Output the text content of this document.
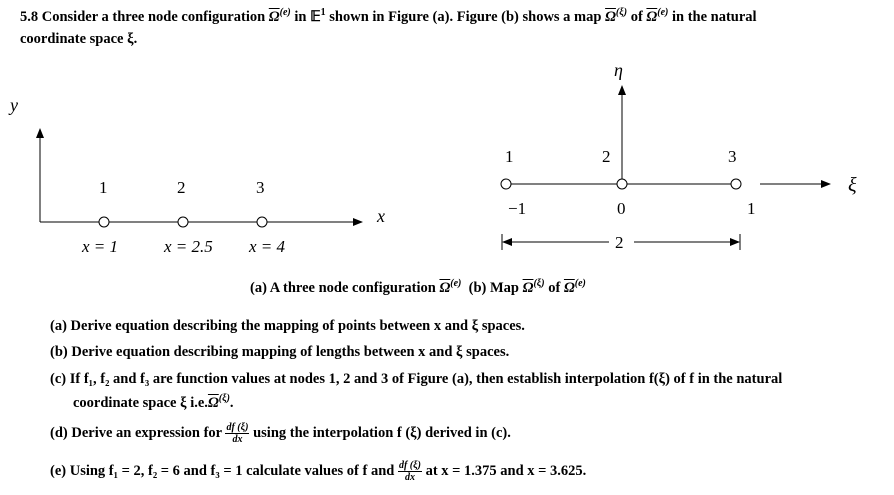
5.8 Consider a three node configuration $\overline{\Omega}^{(e)}$ in 𝔼$^1$ shown in Figure (a). Figure (b) shows a map $\overline{\Omega}^{(\xi)}$ of $\overline{\Omega}^{(e)}$ in the natural
coordinate space ξ.
y
x
1	2	3
x = 1	x = 2.5 x = 4
η
ξ
1	2	3
−1	0	1
2
(a) A three node configuration $\overline{\Omega}^{(e)}$ (b) Map $\overline{\Omega}^{(\xi)}$ of $\overline{\Omega}^{(e)}$
(a) Derive equation describing the mapping of points between x and ξ spaces.
(b) Derive equation describing mapping of lengths between x and ξ spaces.
(c) If f₁, f₂ and f₃ are function values at nodes 1, 2 and 3 of Figure (a), then establish interpolation f(ξ) of f in the natural
coordinate space ξ $i.e.\overline{\Omega}^{(\xi)}$.
(d) Derive an expression for $\frac{df (\xi)}{dx}$ using the interpolation f (ξ) derived in (c).
(e) Using f₁ = 2, f₂ = 6 and f₃ = 1 calculate values of f and $\frac{df (\xi)}{dx}$ at x = 1.375 and x = 3.625.
